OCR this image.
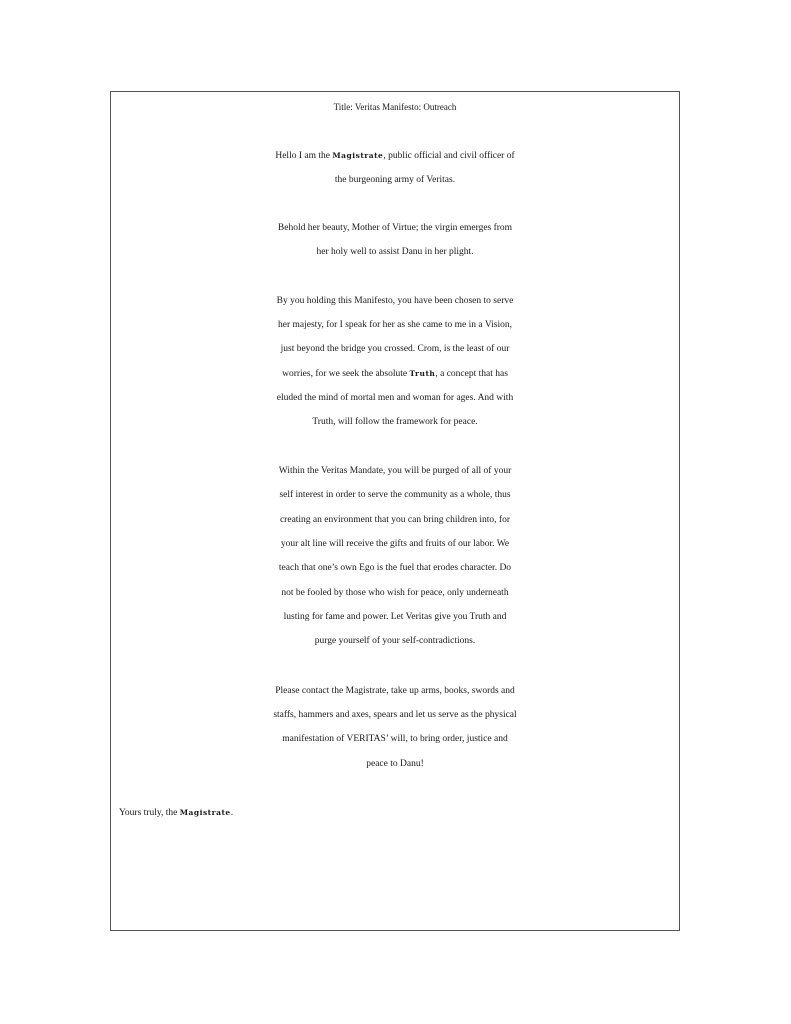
Title: Veritas Manifesto: Outreach
Hello I am the Magistrate, public official and civil officer of
the burgeoning army of Veritas.
Behold her beauty, Mother of Virtue; the virgin emerges from
her holy well to assist Danu in her plight.
By you holding this Manifesto, you have been chosen to serve
her majesty, for I speak for her as she came to me in a Vision,
just beyond the bridge you crossed. Crom, is the least of our
worries, for we seek the absolute Truth, a concept that has
eluded the mind of mortal men and woman for ages. And with
Truth, will follow the framework for peace.
Within the Veritas Mandate, you will be purged of all of your
self interest in order to serve the community as a whole, thus
creating an environment that you can bring children into, for
your alt line will receive the gifts and fruits of our labor. We
teach that one’s own Ego is the fuel that erodes character. Do
not be fooled by those who wish for peace, only underneath
lusting for fame and power. Let Veritas give you Truth and
purge yourself of your self-contradictions.
Please contact the Magistrate, take up arms, books, swords and
staffs, hammers and axes, spears and let us serve as the physical
manifestation of VERITAS’ will, to bring order, justice and
peace to Danu!
Yours truly, the Magistrate.
